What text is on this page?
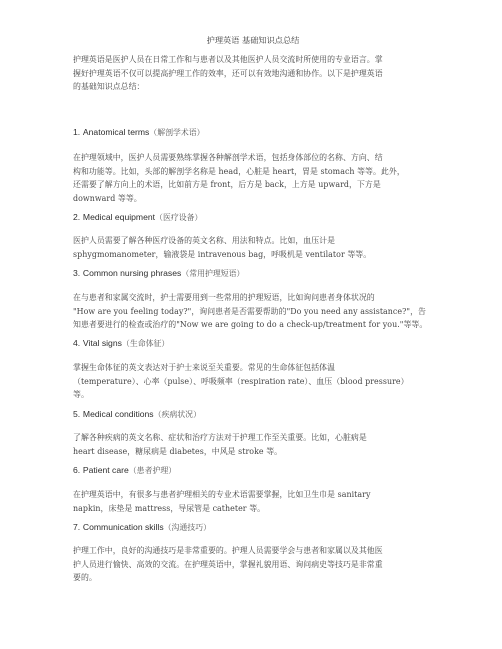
护理英语 基础知识点总结
护理英语是医护人员在日常工作和与患者以及其他医护人员交流时所使用的专业语言。掌
握好护理英语不仅可以提高护理工作的效率，还可以有效地沟通和协作。以下是护理英语
的基础知识点总结：
1. Anatomical terms（解剖学术语）
在护理领域中，医护人员需要熟练掌握各种解剖学术语，包括身体部位的名称、方向、结
构和功能等。比如，头部的解剖学名称是 head，心脏是 heart，胃是 stomach 等等。此外，
还需要了解方向上的术语，比如前方是 front，后方是 back，上方是 upward，下方是
downward 等等。
2. Medical equipment（医疗设备）
医护人员需要了解各种医疗设备的英文名称、用法和特点。比如，血压计是
sphygmomanometer，输液袋是 intravenous bag，呼吸机是 ventilator 等等。
3. Common nursing phrases（常用护理短语）
在与患者和家属交流时，护士需要用到一些常用的护理短语，比如询问患者身体状况的
"How are you feeling today?"，询问患者是否需要帮助的"Do you need any assistance?"，告
知患者要进行的检查或治疗的"Now we are going to do a check-up/treatment for you."等等。
4. Vital signs（生命体征）
掌握生命体征的英文表达对于护士来说至关重要。常见的生命体征包括体温
（temperature）、心率（pulse）、呼吸频率（respiration rate）、血压（blood pressure）
等。
5. Medical conditions（疾病状况）
了解各种疾病的英文名称、症状和治疗方法对于护理工作至关重要。比如，心脏病是
heart disease，糖尿病是 diabetes，中风是 stroke 等。
6. Patient care（患者护理）
在护理英语中，有很多与患者护理相关的专业术语需要掌握，比如卫生巾是 sanitary
napkin，床垫是 mattress，导尿管是 catheter 等。
7. Communication skills（沟通技巧）
护理工作中，良好的沟通技巧是非常重要的。护理人员需要学会与患者和家属以及其他医
护人员进行愉快、高效的交流。在护理英语中，掌握礼貌用语、询问病史等技巧是非常重
要的。
